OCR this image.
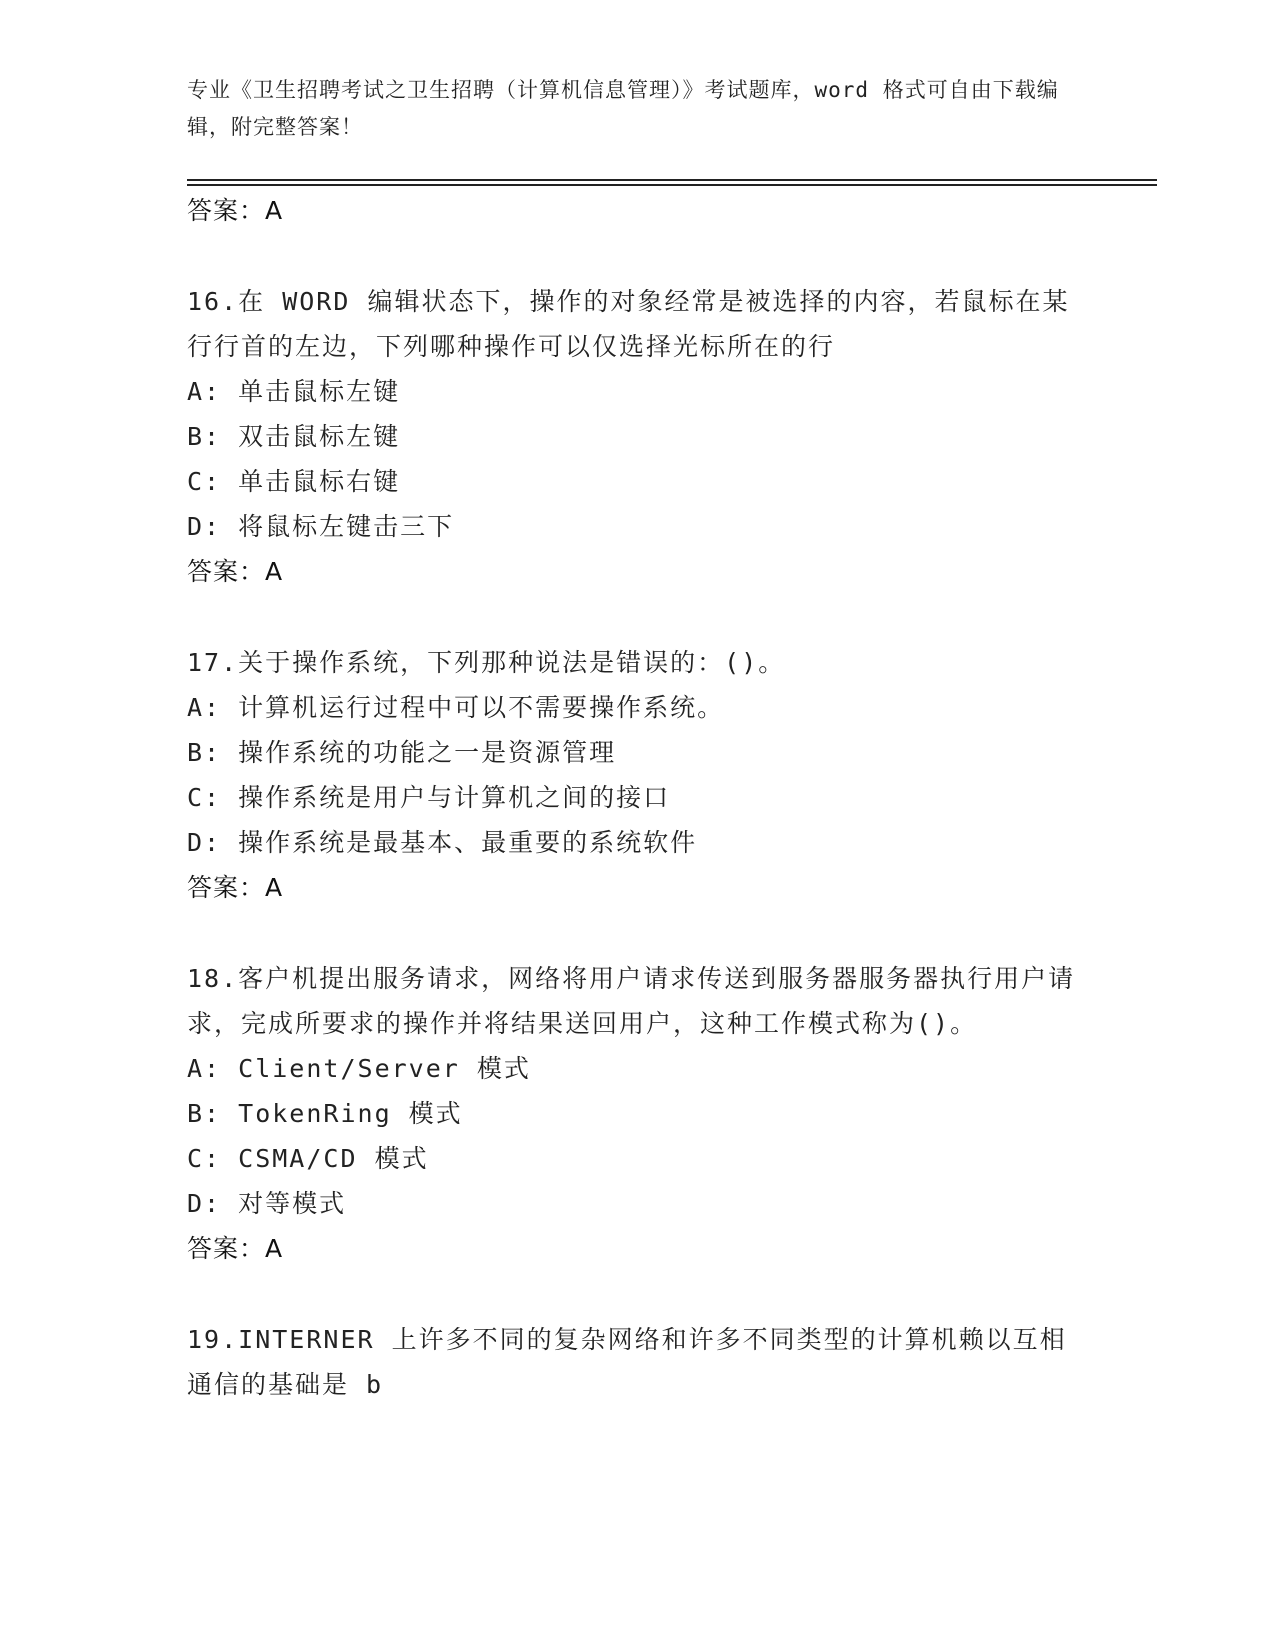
专业《卫生招聘考试之卫生招聘（计算机信息管理）》考试题库，word 格式可自由下载编辑，附完整答案！
答案：A
16.在 WORD 编辑状态下，操作的对象经常是被选择的内容，若鼠标在某行行首的左边，下列哪种操作可以仅选择光标所在的行
A: 单击鼠标左键
B: 双击鼠标左键
C: 单击鼠标右键
D: 将鼠标左键击三下
答案：A
17.关于操作系统，下列那种说法是错误的：()。
A: 计算机运行过程中可以不需要操作系统。
B: 操作系统的功能之一是资源管理
C: 操作系统是用户与计算机之间的接口
D: 操作系统是最基本、最重要的系统软件
答案：A
18.客户机提出服务请求，网络将用户请求传送到服务器服务器执行用户请求，完成所要求的操作并将结果送回用户，这种工作模式称为()。
A: Client/Server 模式
B: TokenRing 模式
C: CSMA/CD 模式
D: 对等模式
答案：A
19.INTERNER 上许多不同的复杂网络和许多不同类型的计算机赖以互相通信的基础是 b
